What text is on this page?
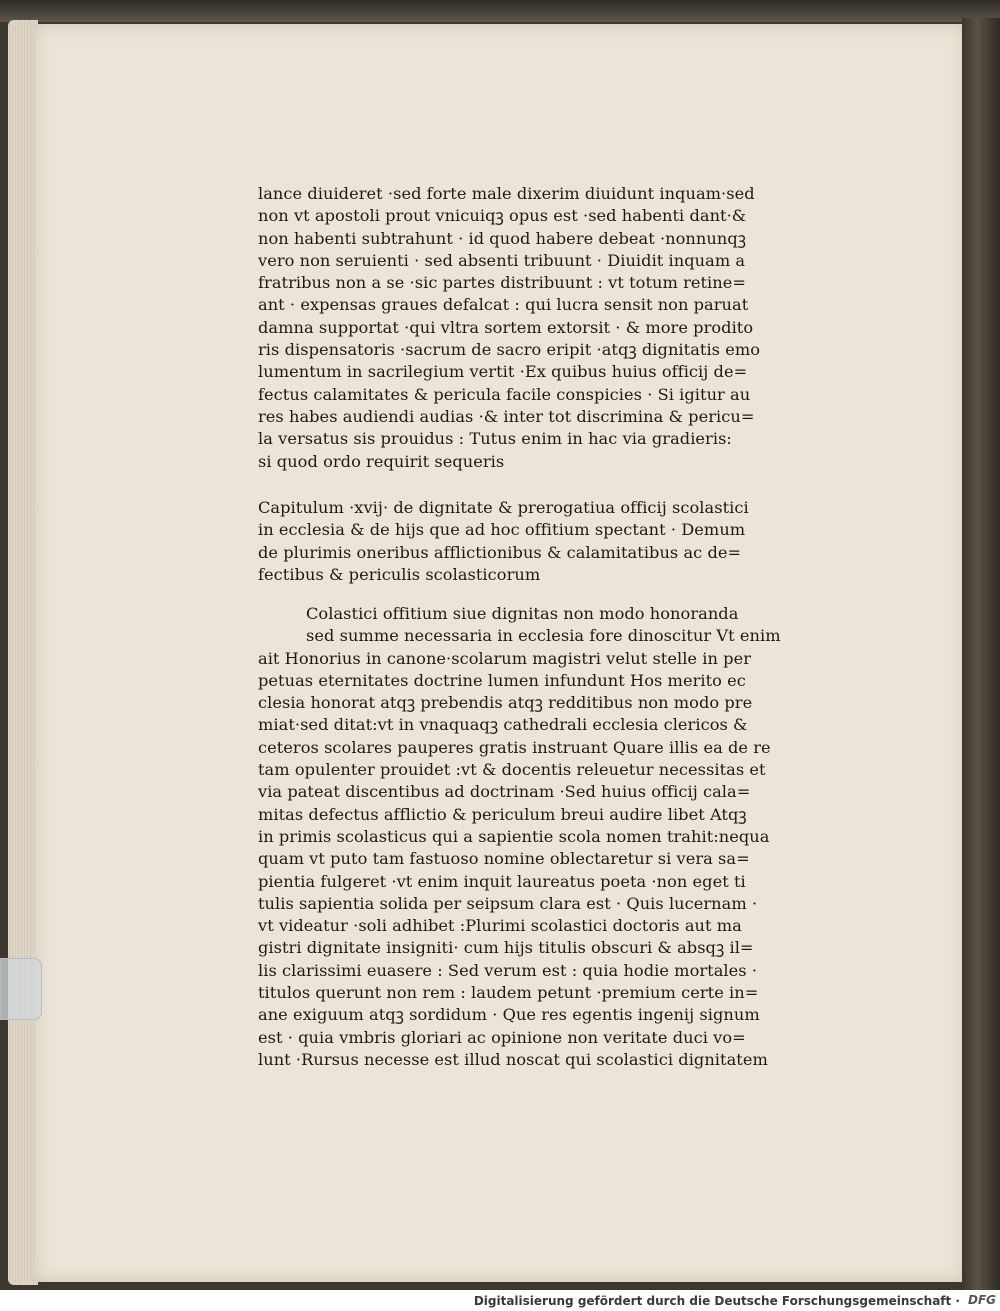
lance diuideret ·sed forte male dixerim diuidunt inquam·sed
non vt apostoli prout vnicuiqꝫ opus est ·sed habenti dant·&
non habenti subtrahunt · id quod habere debeat ·nonnunqꝫ
vero non seruienti · sed absenti tribuunt · Diuidit inquam a
fratribus non a se ·sic partes distribuunt : vt totum retine=
ant · expensas graues defalcat : qui lucra sensit non paruat
damna supportat ·qui vltra sortem extorsit · & more prodito
ris dispensatoris ·sacrum de sacro eripit ·atqꝫ dignitatis emo
lumentum in sacrilegium vertit ·Ex quibus huius officij de=
fectus calamitates & pericula facile conspicies · Si igitur au
res habes audiendi audias ·& inter tot discrimina & pericu=
la versatus sis prouidus : Tutus enim in hac via gradieris:
si quod ordo requirit sequeris
Capitulum ·xvij· de dignitate & prerogatiua officij scolastici
in ecclesia & de hijs que ad hoc offitium spectant · Demum
de plurimis oneribus afflictionibus & calamitatibus ac de=
fectibus & periculis scolasticorum
Colastici offitium siue dignitas non modo honoranda
sed summe necessaria in ecclesia fore dinoscitur Vt enim
ait Honorius in canone·scolarum magistri velut stelle in per
petuas eternitates doctrine lumen infundunt Hos merito ec
clesia honorat atqꝫ prebendis atqꝫ redditibus non modo pre
miat·sed ditat:vt in vnaquaqꝫ cathedrali ecclesia clericos &
ceteros scolares pauperes gratis instruant Quare illis ea de re
tam opulenter prouidet :vt & docentis releuetur necessitas et
via pateat discentibus ad doctrinam ·Sed huius officij cala=
mitas defectus afflictio & periculum breui audire libet Atqꝫ
in primis scolasticus qui a sapientie scola nomen trahit:nequa
quam vt puto tam fastuoso nomine oblectaretur si vera sa=
pientia fulgeret ·vt enim inquit laureatus poeta ·non eget ti
tulis sapientia solida per seipsum clara est · Quis lucernam ·
vt videatur ·soli adhibet :Plurimi scolastici doctoris aut ma
gistri dignitate insigniti· cum hijs titulis obscuri & absqꝫ il=
lis clarissimi euasere : Sed verum est : quia hodie mortales ·
titulos querunt non rem : laudem petunt ·premium certe in=
ane exiguum atqꝫ sordidum · Que res egentis ingenij signum
est · quia vmbris gloriari ac opinione non veritate duci vo=
lunt ·Rursus necesse est illud noscat qui scolastici dignitatem
Digitalisierung gefördert durch die Deutsche Forschungsgemeinschaft · DFG
